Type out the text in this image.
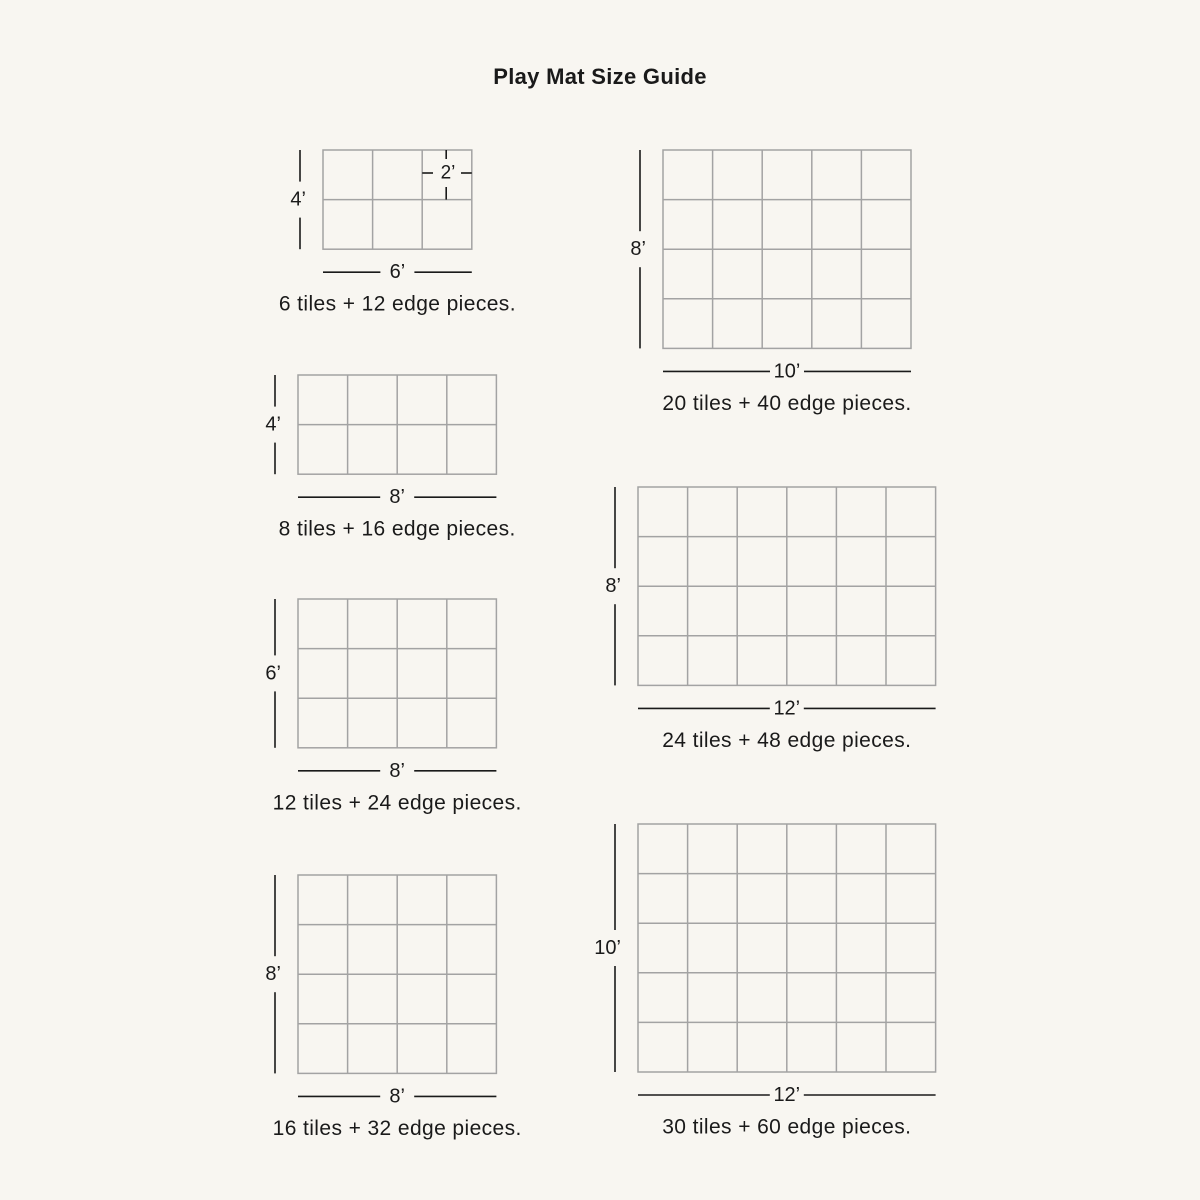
Play Mat Size Guide
6’
4’
6 tiles + 12 edge pieces.
2’
8’
4’
8 tiles + 16 edge pieces.
8’
6’
12 tiles + 24 edge pieces.
8’
8’
16 tiles + 32 edge pieces.
10’
8’
20 tiles + 40 edge pieces.
12’
8’
24 tiles + 48 edge pieces.
12’
10’
30 tiles + 60 edge pieces.
